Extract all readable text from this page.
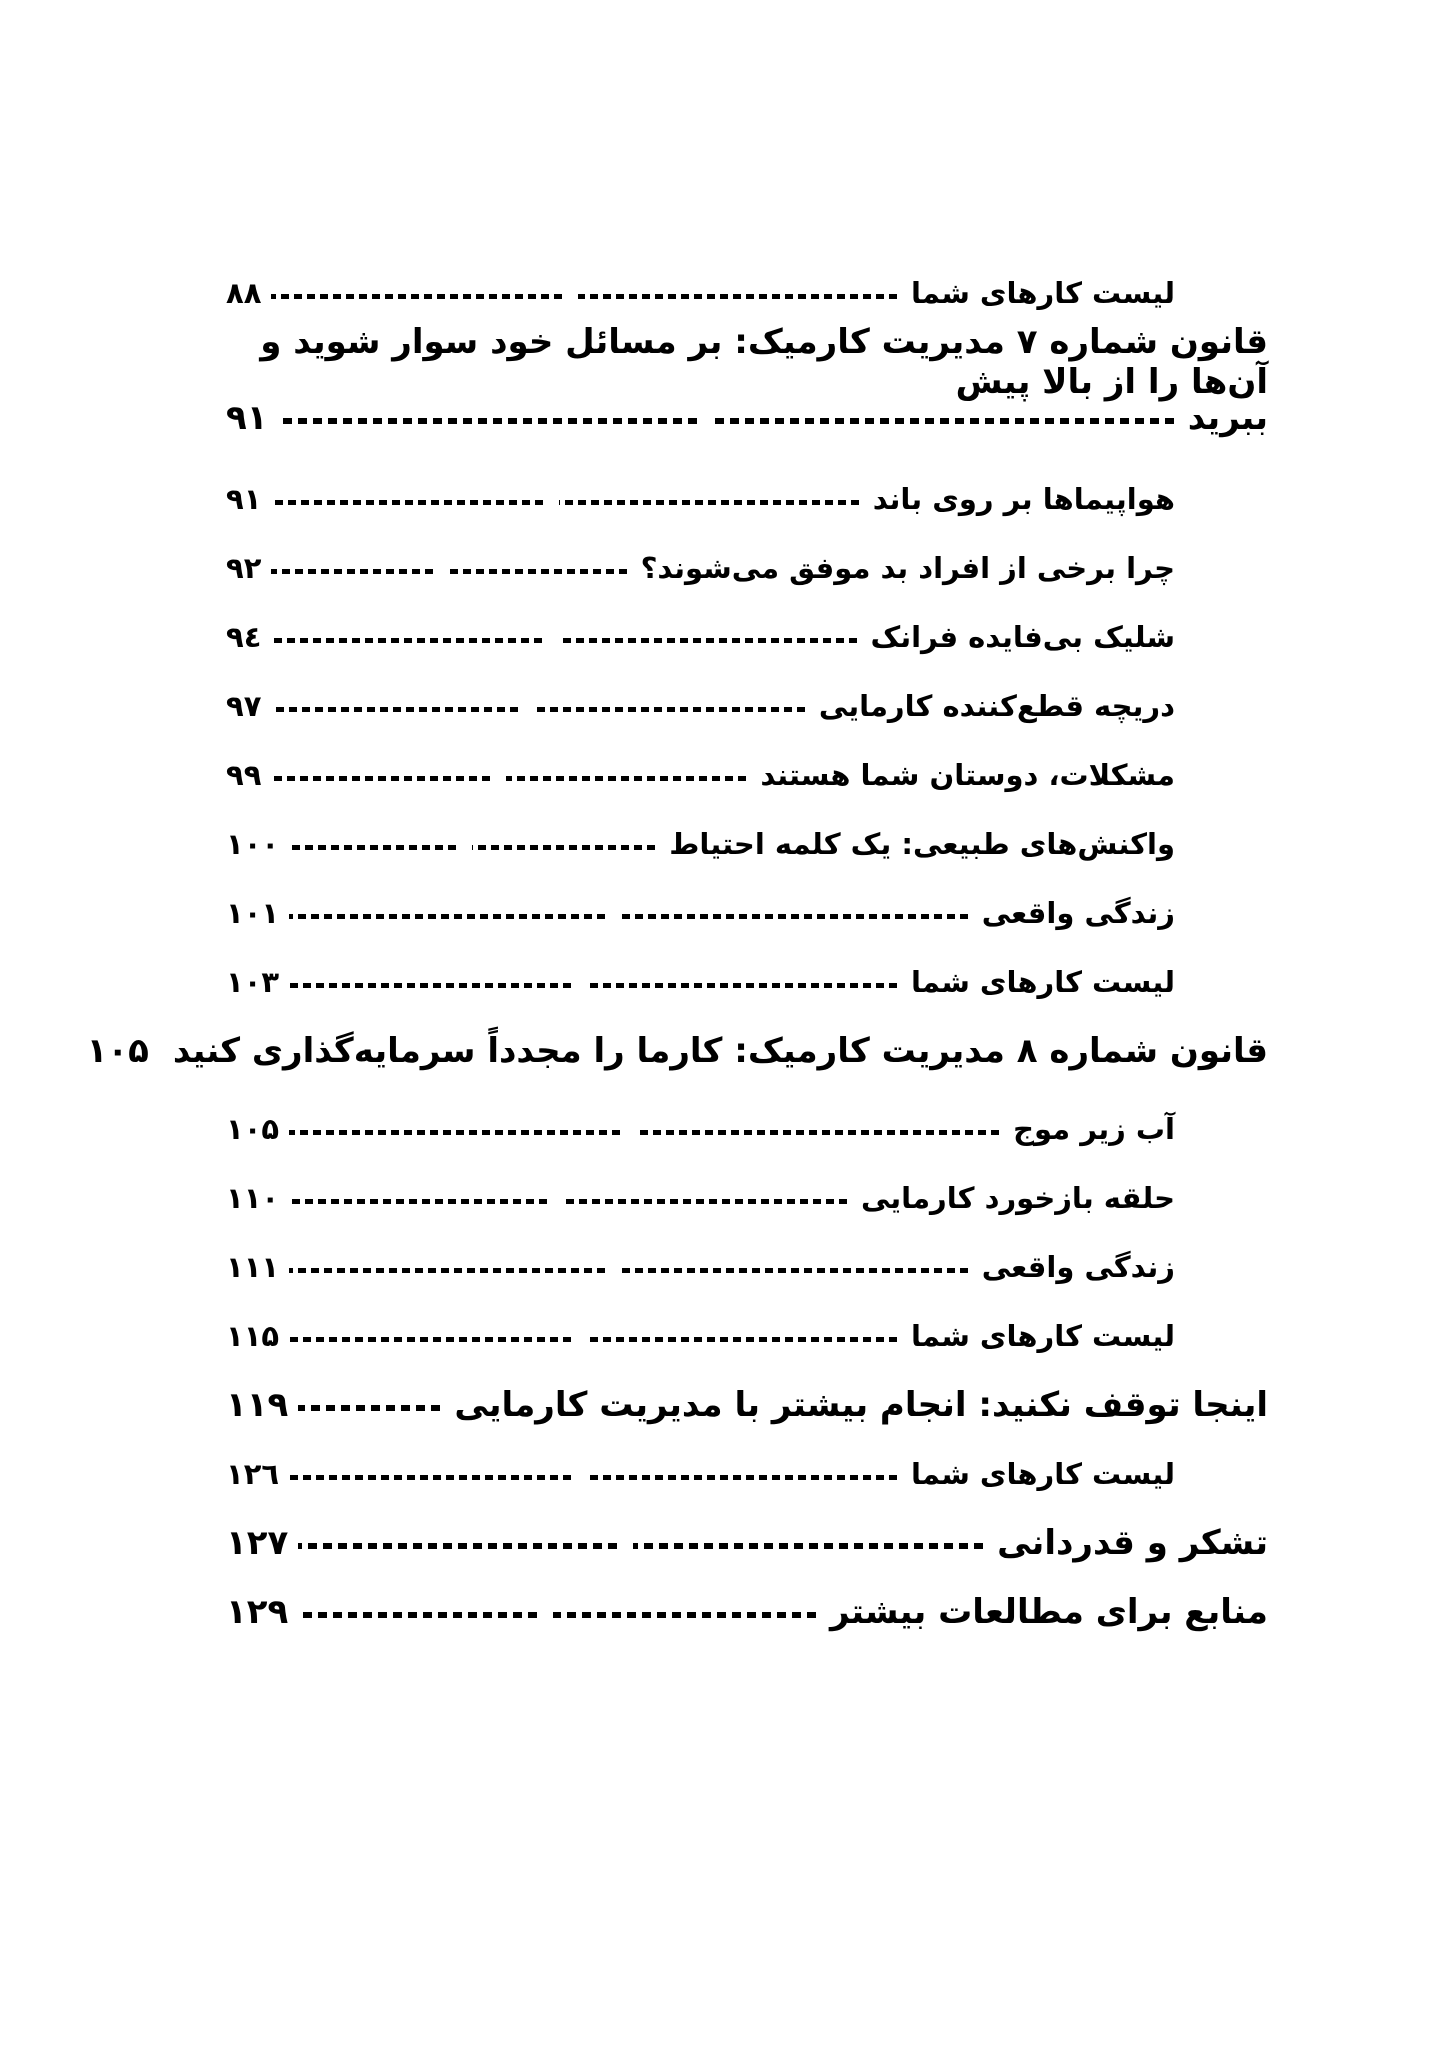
لیست کارهای شما
۸۸
قانون شماره ۷ مدیریت کارمیک: بر مسائل خود سوار شوید و آن‌ها را از بالا پیش
ببرید
۹۱
هواپیماها بر روی باند
۹۱
چرا برخی از افراد بد موفق می‌شوند؟
۹۲
شلیک بی‌فایده فرانک
۹٤
دریچه قطع‌کننده کارمایی
۹۷
مشکلات، دوستان شما هستند
۹۹
واکنش‌های طبیعی: یک کلمه احتیاط
۱۰۰
زندگی واقعی
۱۰۱
لیست کارهای شما
۱۰۳
قانون شماره ۸ مدیریت کارمیک: کارما را مجدداً سرمایه‌گذاری کنید
۱۰۵
آب زیر موج
۱۰۵
حلقه بازخورد کارمایی
۱۱۰
زندگی واقعی
۱۱۱
لیست کارهای شما
۱۱۵
اینجا توقف نکنید: انجام بیشتر با مدیریت کارمایی
۱۱۹
لیست کارهای شما
۱۲٦
تشکر و قدردانی
۱۲۷
منابع برای مطالعات بیشتر
۱۲۹
